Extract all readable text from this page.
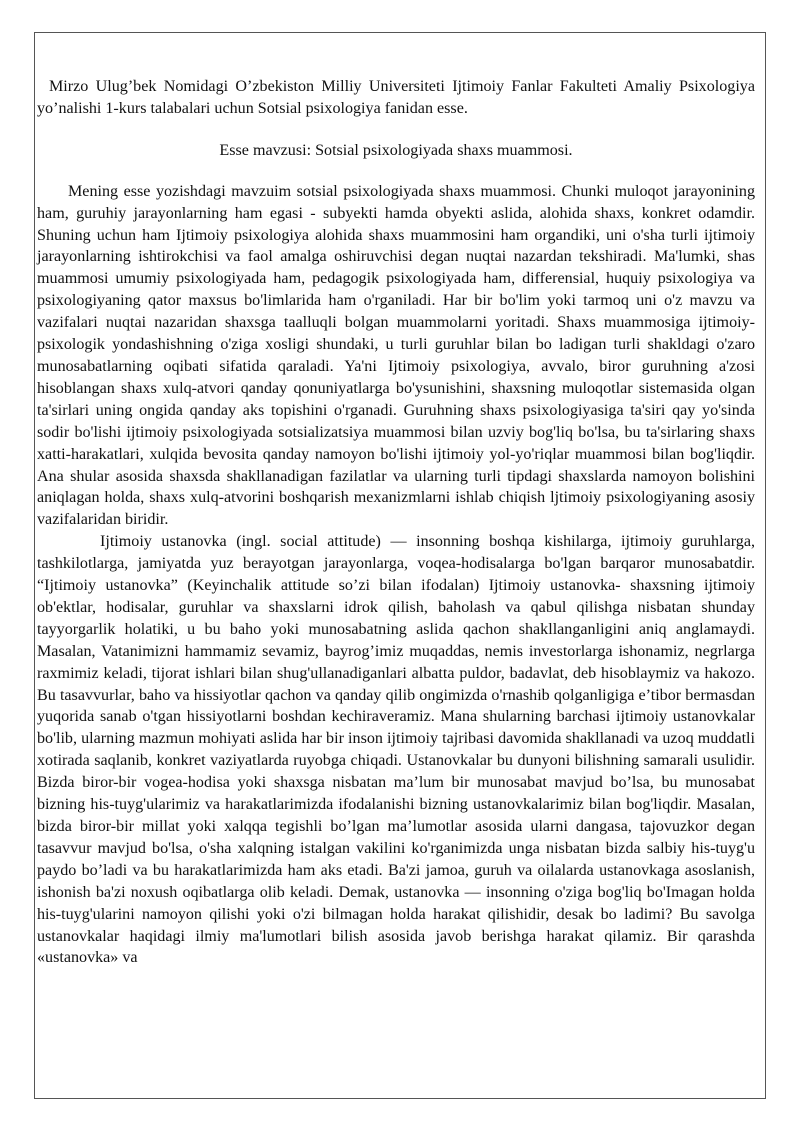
Mirzo Ulug’bek Nomidagi O’zbekiston Milliy Universiteti Ijtimoiy Fanlar Fakulteti Amaliy Psixologiya yo’nalishi 1-kurs talabalari uchun Sotsial psixologiya fanidan esse.

Esse mavzusi: Sotsial psixologiyada shaxs muammosi.

Mening esse yozishdagi mavzuim sotsial psixologiyada shaxs muammosi. Chunki muloqot jarayonining ham, guruhiy jarayonlarning ham egasi - subyekti hamda obyekti aslida, alohida shaxs, konkret odamdir. Shuning uchun ham Ijtimoiy psixologiya alohida shaxs muammosini ham organdiki, uni o'sha turli ijtimoiy jarayonlarning ishtirokchisi va faol amalga oshiruvchisi degan nuqtai nazardan tekshiradi. Ma'lumki, shas muammosi umumiy psixologiyada ham, pedagogik psixologiyada ham, differensial, huquiy psixologiya va psixologiyaning qator maxsus bo'limlarida ham o'rganiladi. Har bir bo'lim yoki tarmoq uni o'z mavzu va vazifalari nuqtai nazaridan shaxsga taalluqli bolgan muammolarni yoritadi. Shaxs muammosiga ijtimoiy-psixologik yondashishning o'ziga xosligi shundaki, u turli guruhlar bilan bo ladigan turli shakldagi o'zaro munosabatlarning oqibati sifatida qaraladi. Ya'ni Ijtimoiy psixologiya, avvalo, biror guruhning a'zosi hisoblangan shaxs xulq-atvori qanday qonuniyatlarga bo'ysunishini, shaxsning muloqotlar sistemasida olgan ta'sirlari uning ongida qanday aks topishini o'rganadi. Guruhning shaxs psixologiyasiga ta'siri qay yo'sinda sodir bo'lishi ijtimoiy psixologiyada sotsializatsiya muammosi bilan uzviy bog'liq bo'lsa, bu ta'sirlaring shaxs xatti-harakatlari, xulqida bevosita qanday namoyon bo'lishi ijtimoiy yol-yo'riqlar muammosi bilan bog'liqdir. Ana shular asosida shaxsda shakllanadigan fazilatlar va ularning turli tipdagi shaxslarda namoyon bolishini aniqlagan holda, shaxs xulq-atvorini boshqarish mexanizmlarni ishlab chiqish ljtimoiy psixologiyaning asosiy vazifalaridan biridir.

Ijtimoiy ustanovka (ingl. social attitude) — insonning boshqa kishilarga, ijtimoiy guruhlarga, tashkilotlarga, jamiyatda yuz berayotgan jarayonlarga, voqea-hodisalarga bo'lgan barqaror munosabatdir. “Ijtimoiy ustanovka” (Keyinchalik attitude so’zi bilan ifodalan) Ijtimoiy ustanovka- shaxsning ijtimoiy ob'ektlar, hodisalar, guruhlar va shaxslarni idrok qilish, baholash va qabul qilishga nisbatan shunday tayyorgarlik holatiki, u bu baho yoki munosabatning aslida qachon shakllanganligini aniq anglamaydi. Masalan, Vatanimizni hammamiz sevamiz, bayrog’imiz muqaddas, nemis investorlarga ishonamiz, negrlarga raxmimiz keladi, tijorat ishlari bilan shug'ullanadiganlari albatta puldor, badavlat, deb hisoblaymiz va hakozo. Bu tasavvurlar, baho va hissiyotlar qachon va qanday qilib ongimizda o'rnashib qolganligiga e’tibor bermasdan yuqorida sanab o'tgan hissiyotlarni boshdan kechiraveramiz. Mana shularning barchasi ijtimoiy ustanovkalar bo'lib, ularning mazmun mohiyati aslida har bir inson ijtimoiy tajribasi davomida shakllanadi va uzoq muddatli xotirada saqlanib, konkret vaziyatlarda ruyobga chiqadi. Ustanovkalar bu dunyoni bilishning samarali usulidir. Bizda biror-bir vogea-hodisa yoki shaxsga nisbatan ma’lum bir munosabat mavjud bo’lsa, bu munosabat bizning his-tuyg'ularimiz va harakatlarimizda ifodalanishi bizning ustanovkalarimiz bilan bog'liqdir. Masalan, bizda biror-bir millat yoki xalqqa tegishli bo’lgan ma’lumotlar asosida ularni dangasa, tajovuzkor degan tasavvur mavjud bo'lsa, o'sha xalqning istalgan vakilini ko'rganimizda unga nisbatan bizda salbiy his-tuyg'u paydo bo’ladi va bu harakatlarimizda ham aks etadi. Ba'zi jamoa, guruh va oilalarda ustanovkaga asoslanish, ishonish ba'zi noxush oqibatlarga olib keladi. Demak, ustanovka — insonning o'ziga bog'liq bo'Imagan holda his-tuyg'ularini namoyon qilishi yoki o'zi bilmagan holda harakat qilishidir, desak bo ladimi? Bu savolga ustanovkalar haqidagi ilmiy ma'lumotlari bilish asosida javob berishga harakat qilamiz. Bir qarashda «ustanovka» va
